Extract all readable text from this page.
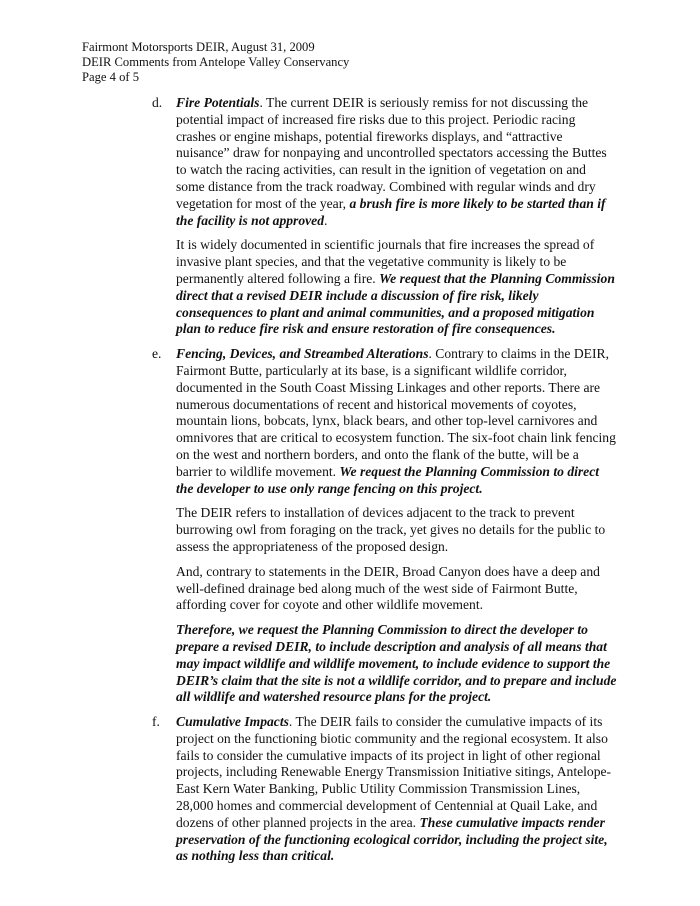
Fairmont Motorsports DEIR, August 31, 2009
DEIR Comments from Antelope Valley Conservancy
Page 4 of 5
d. Fire Potentials. The current DEIR is seriously remiss for not discussing the potential impact of increased fire risks due to this project. Periodic racing crashes or engine mishaps, potential fireworks displays, and “attractive nuisance” draw for nonpaying and uncontrolled spectators accessing the Buttes to watch the racing activities, can result in the ignition of vegetation on and some distance from the track roadway. Combined with regular winds and dry vegetation for most of the year, a brush fire is more likely to be started than if the facility is not approved.

It is widely documented in scientific journals that fire increases the spread of invasive plant species, and that the vegetative community is likely to be permanently altered following a fire. We request that the Planning Commission direct that a revised DEIR include a discussion of fire risk, likely consequences to plant and animal communities, and a proposed mitigation plan to reduce fire risk and ensure restoration of fire consequences.

e. Fencing, Devices, and Streambed Alterations. Contrary to claims in the DEIR, Fairmont Butte, particularly at its base, is a significant wildlife corridor, documented in the South Coast Missing Linkages and other reports. There are numerous documentations of recent and historical movements of coyotes, mountain lions, bobcats, lynx, black bears, and other top-level carnivores and omnivores that are critical to ecosystem function. The six-foot chain link fencing on the west and northern borders, and onto the flank of the butte, will be a barrier to wildlife movement. We request the Planning Commission to direct the developer to use only range fencing on this project.

The DEIR refers to installation of devices adjacent to the track to prevent burrowing owl from foraging on the track, yet gives no details for the public to assess the appropriateness of the proposed design.

And, contrary to statements in the DEIR, Broad Canyon does have a deep and well-defined drainage bed along much of the west side of Fairmont Butte, affording cover for coyote and other wildlife movement.

Therefore, we request the Planning Commission to direct the developer to prepare a revised DEIR, to include description and analysis of all means that may impact wildlife and wildlife movement, to include evidence to support the DEIR’s claim that the site is not a wildlife corridor, and to prepare and include all wildlife and watershed resource plans for the project.

f. Cumulative Impacts. The DEIR fails to consider the cumulative impacts of its project on the functioning biotic community and the regional ecosystem. It also fails to consider the cumulative impacts of its project in light of other regional projects, including Renewable Energy Transmission Initiative sitings, Antelope-East Kern Water Banking, Public Utility Commission Transmission Lines, 28,000 homes and commercial development of Centennial at Quail Lake, and dozens of other planned projects in the area. These cumulative impacts render preservation of the functioning ecological corridor, including the project site, as nothing less than critical.
